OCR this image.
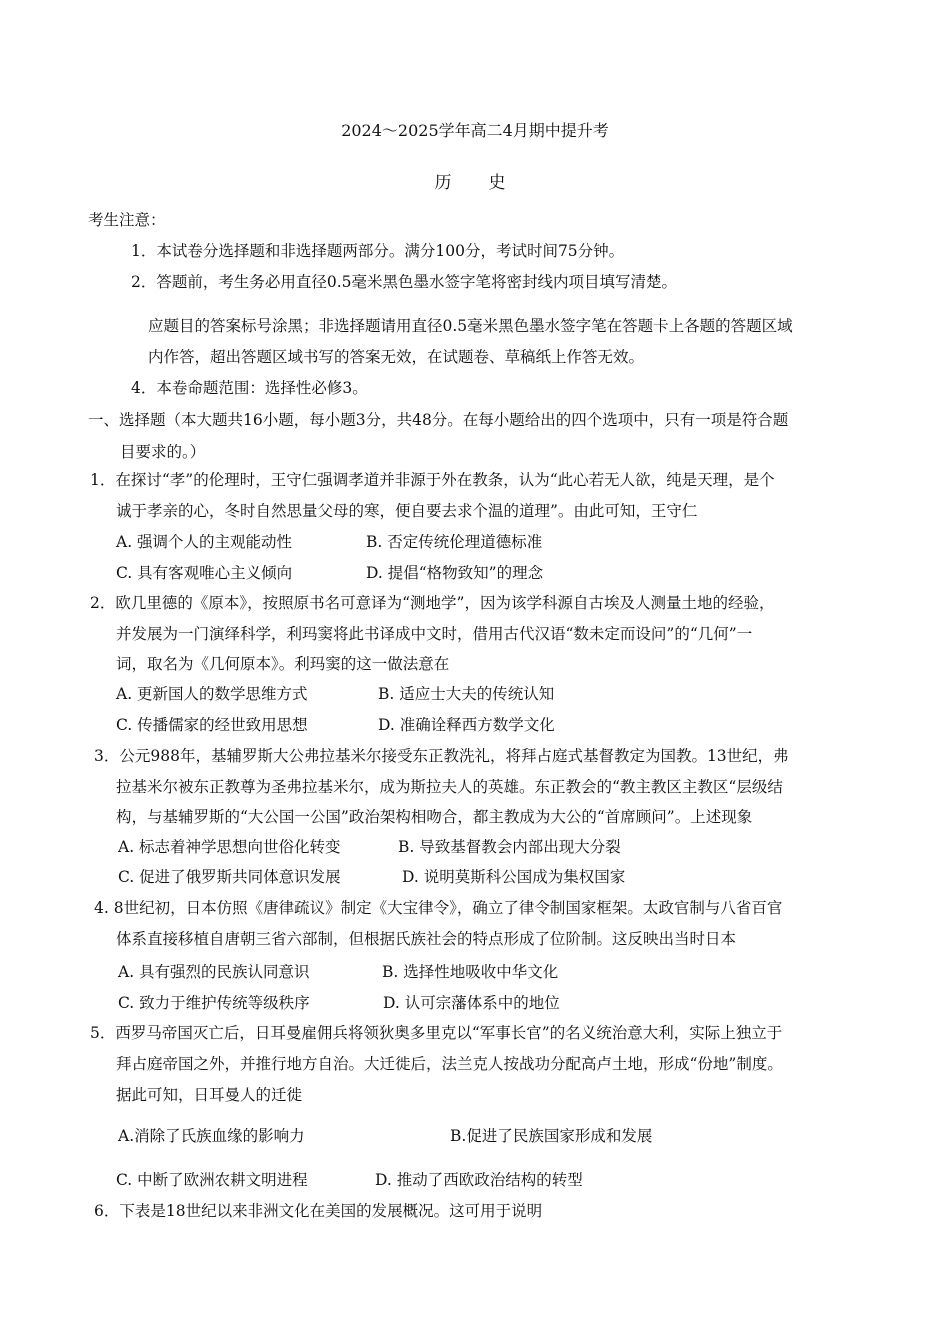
2024～2025学年高二4月期中提升考
历　史
考生注意：
1．本试卷分选择题和非选择题两部分。满分100分，考试时间75分钟。
2．答题前，考生务必用直径0.5毫米黑色墨水签字笔将密封线内项目填写清楚。
应题目的答案标号涂黑；非选择题请用直径0.5毫米黑色墨水签字笔在答题卡上各题的答题区域
内作答，超出答题区域书写的答案无效，在试题卷、草稿纸上作答无效。
4．本卷命题范围：选择性必修3。
一、选择题（本大题共16小题，每小题3分，共48分。在每小题给出的四个选项中，只有一项是符合题
目要求的。）
1．在探讨“孝”的伦理时，王守仁强调孝道并非源于外在教条，认为“此心若无人欲，纯是天理，是个
诚于孝亲的心，冬时自然思量父母的寒，便自要去求个温的道理”。由此可知，王守仁
A. 强调个人的主观能动性	B. 否定传统伦理道德标准
C. 具有客观唯心主义倾向	D. 提倡“格物致知”的理念
2．欧几里德的《原本》，按照原书名可意译为“测地学”，因为该学科源自古埃及人测量土地的经验，
并发展为一门演绎科学，利玛窦将此书译成中文时，借用古代汉语“数未定而设问”的“几何”一
词，取名为《几何原本》。利玛窦的这一做法意在
A. 更新国人的数学思维方式	B. 适应士大夫的传统认知
C. 传播儒家的经世致用思想	D. 准确诠释西方数学文化
3．公元988年，基辅罗斯大公弗拉基米尔接受东正教洗礼，将拜占庭式基督教定为国教。13世纪，弗
拉基米尔被东正教尊为圣弗拉基米尔，成为斯拉夫人的英雄。东正教会的“教主教区主教区“层级结
构，与基辅罗斯的“大公国一公国”政治架构相吻合，都主教成为大公的“首席顾问”。上述现象
A. 标志着神学思想向世俗化转变	B. 导致基督教会内部出现大分裂
C. 促进了俄罗斯共同体意识发展	D. 说明莫斯科公国成为集权国家
4. 8世纪初，日本仿照《唐律疏议》制定《大宝律令》，确立了律令制国家框架。太政官制与八省百官
体系直接移植自唐朝三省六部制，但根据氏族社会的特点形成了位阶制。这反映出当时日本
A. 具有强烈的民族认同意识	B. 选择性地吸收中华文化
C. 致力于维护传统等级秩序	D. 认可宗藩体系中的地位
5．西罗马帝国灭亡后，日耳曼雇佣兵将领狄奥多里克以“军事长官”的名义统治意大利，实际上独立于
拜占庭帝国之外，并推行地方自治。大迁徙后，法兰克人按战功分配高卢土地，形成“份地”制度。
据此可知，日耳曼人的迁徙
A.消除了氏族血缘的影响力	B.促进了民族国家形成和发展
C. 中断了欧洲农耕文明进程	D. 推动了西欧政治结构的转型
6．下表是18世纪以来非洲文化在美国的发展概况。这可用于说明
